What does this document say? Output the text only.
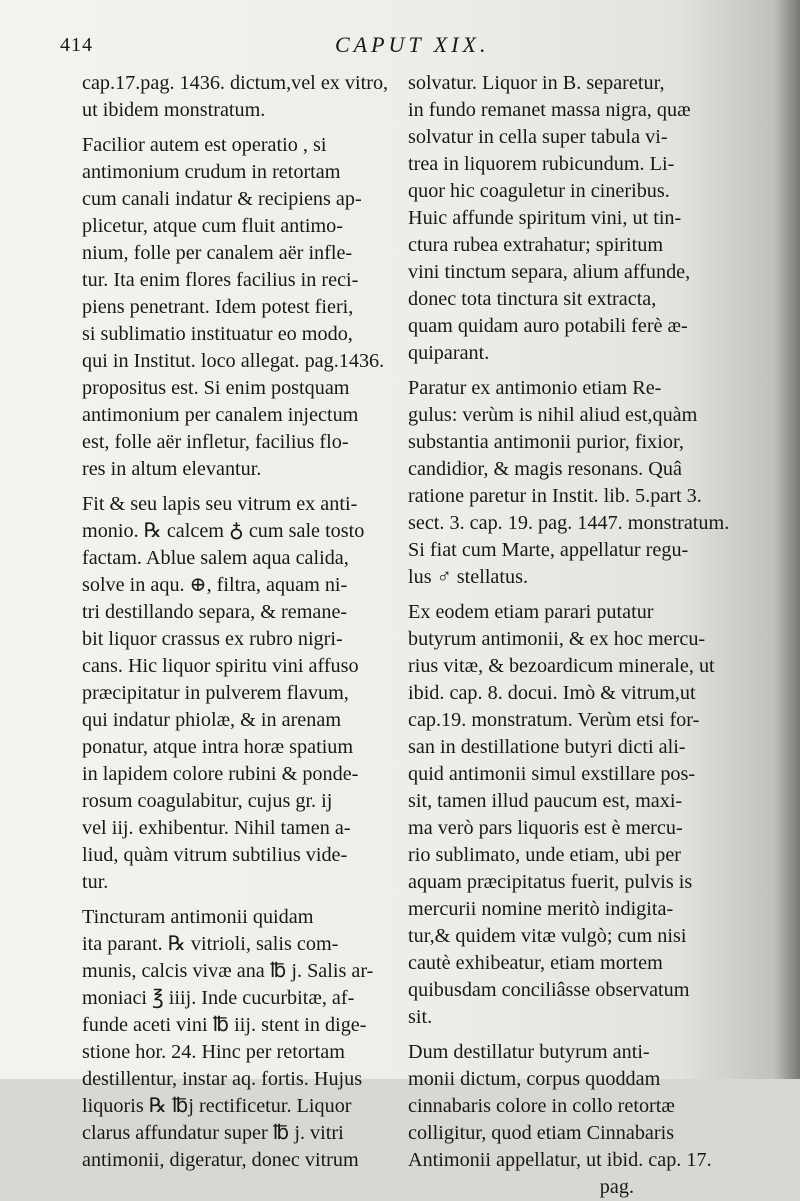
414	CAPUT XIX.
cap.17.pag. 1436. dictum,vel ex vitro,
ut ibidem monstratum.
Facilior autem est operatio , si
antimonium crudum in retortam
cum canali indatur & recipiens ap-
plicetur, atque cum fluit antimo-
nium, folle per canalem aër infle-
tur. Ita enim flores facilius in reci-
piens penetrant. Idem potest fieri,
si sublimatio instituatur eo modo,
qui in Institut. loco allegat. pag.1436.
propositus est. Si enim postquam
antimonium per canalem injectum
est, folle aër infletur, facilius flo-
res in altum elevantur.
Fit & seu lapis seu vitrum ex anti-
monio. ℞ calcem ♁ cum sale tosto
factam. Ablue salem aqua calida,
solve in aqu. ⊕, filtra, aquam ni-
tri destillando separa, & remane-
bit liquor crassus ex rubro nigri-
cans. Hic liquor spiritu vini affuso
præcipitatur in pulverem flavum,
qui indatur phiolæ, & in arenam
ponatur, atque intra horæ spatium
in lapidem colore rubini & ponde-
rosum coagulabitur, cujus gr. ij
vel iij. exhibentur. Nihil tamen a-
liud, quàm vitrum subtilius vide-
tur.
Tincturam antimonii quidam
ita parant. ℞ vitrioli, salis com-
munis, calcis vivæ ana ℔ j. Salis ar-
moniaci ℥ iiij. Inde cucurbitæ, af-
funde aceti vini ℔ iij. stent in dige-
stione hor. 24. Hinc per retortam
destillentur, instar aq. fortis. Hujus
liquoris ℞ ℔j rectificetur. Liquor
clarus affundatur super ℔ j. vitri
antimonii, digeratur, donec vitrum
solvatur. Liquor in B. separetur,
in fundo remanet massa nigra, quæ
solvatur in cella super tabula vi-
trea in liquorem rubicundum. Li-
quor hic coaguletur in cineribus.
Huic affunde spiritum vini, ut tin-
ctura rubea extrahatur; spiritum
vini tinctum separa, alium affunde,
donec tota tinctura sit extracta,
quam quidam auro potabili ferè æ-
quiparant.
Paratur ex antimonio etiam Re-
gulus: verùm is nihil aliud est,quàm
substantia antimonii purior, fixior,
candidior, & magis resonans. Quâ
ratione paretur in Instit. lib. 5.part 3.
sect. 3. cap. 19. pag. 1447. monstratum.
Si fiat cum Marte, appellatur regu-
lus ♂ stellatus.
Ex eodem etiam parari putatur
butyrum antimonii, & ex hoc mercu-
rius vitæ, & bezoardicum minerale, ut
ibid. cap. 8. docui. Imò & vitrum,ut
cap.19. monstratum. Verùm etsi for-
san in destillatione butyri dicti ali-
quid antimonii simul exstillare pos-
sit, tamen illud paucum est, maxi-
ma verò pars liquoris est è mercu-
rio sublimato, unde etiam, ubi per
aquam præcipitatus fuerit, pulvis is
mercurii nomine meritò indigita-
tur,& quidem vitæ vulgò; cum nisi
cautè exhibeatur, etiam mortem
quibusdam conciliâsse observatum
sit.
Dum destillatur butyrum anti-
monii dictum, corpus quoddam
cinnabaris colore in collo retortæ
colligitur, quod etiam Cinnabaris
Antimonii appellatur, ut ibid. cap. 17.
pag.
